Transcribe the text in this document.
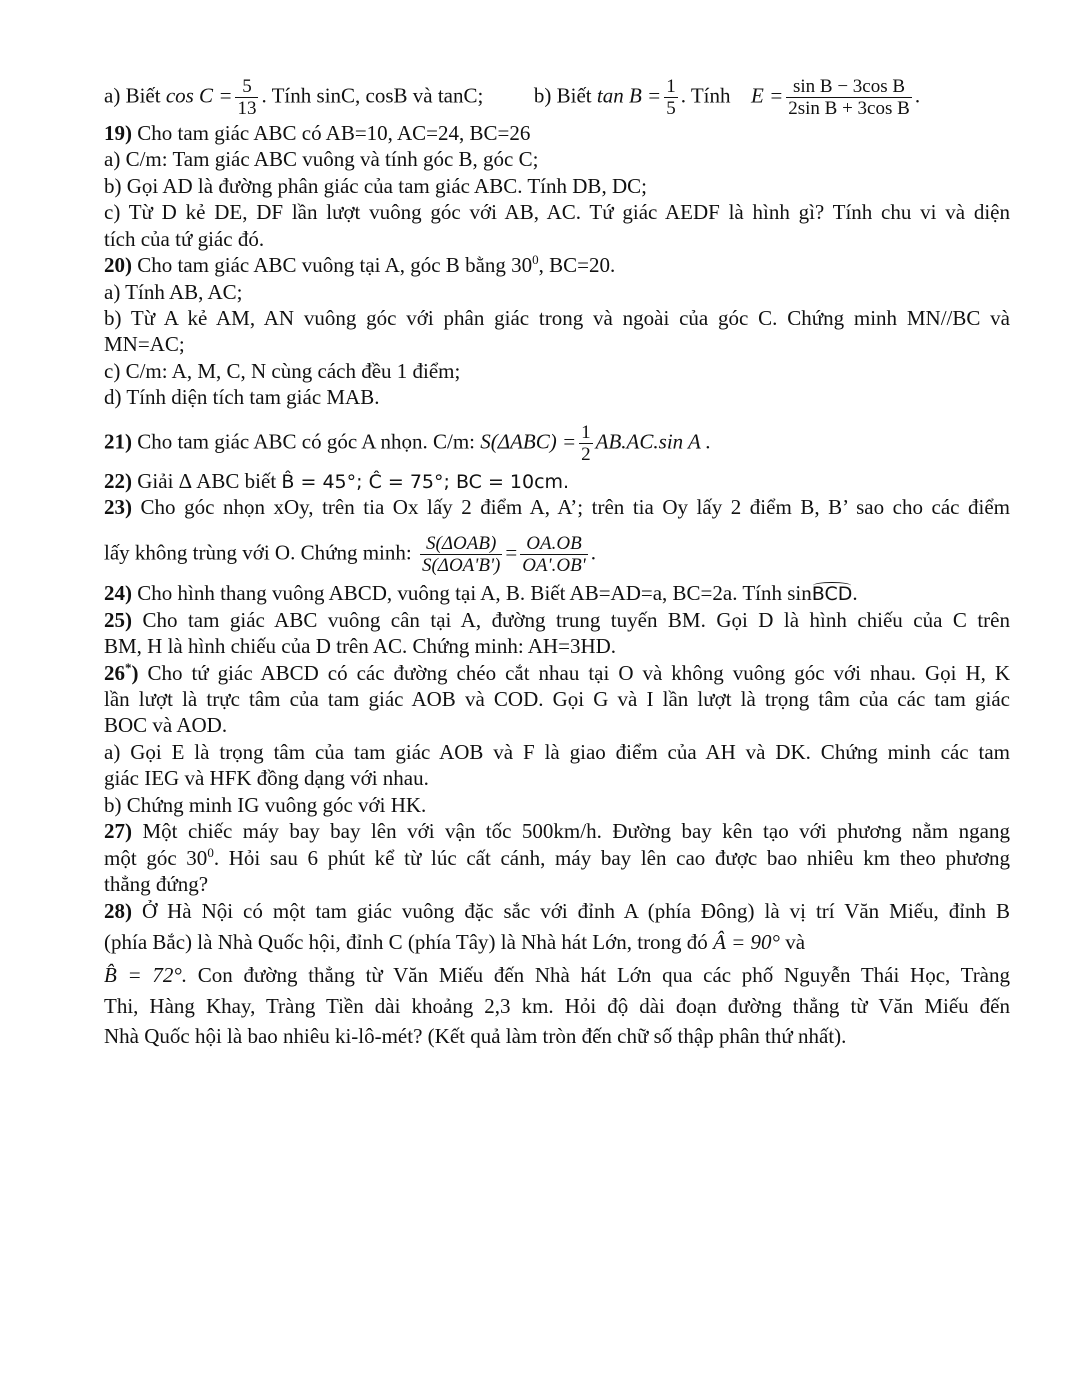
a) Biết $\cos C = \frac{5}{13}$ . Tính sinC, cosB và tanC; b) Biết $\tan B = \frac{1}{5}$ . Tính $E = \frac{\text{sin B − 3cos B}}{\text{2sin B + 3cos B}}$ .
19) Cho tam giác ABC có AB=10, AC=24, BC=26
a) C/m: Tam giác ABC vuông và tính góc B, góc C;
b) Gọi AD là đường phân giác của tam giác ABC. Tính DB, DC;
c) Từ D kẻ DE, DF lần lượt vuông góc với AB, AC. Tứ giác AEDF là hình gì? Tính chu vi và diện
tích của tứ giác đó.
20) Cho tam giác ABC vuông tại A, góc B bằng $30^0$, BC=20.
a) Tính AB, AC;
b) Từ A kẻ AM, AN vuông góc với phân giác trong và ngoài của góc C. Chứng minh MN//BC và
MN=AC;
c) C/m: A, M, C, N cùng cách đều 1 điểm;
d) Tính diện tích tam giác MAB.
21) Cho tam giác ABC có góc A nhọn. C/m: $S(\Delta ABC) = \frac{1}{2} AB.AC.\sin$ A .
22) Giải Δ ABC biết B̂ = 45°; Ĉ = 75°; BC = 10cm.
23) Cho góc nhọn xOy, trên tia Ox lấy 2 điểm A, A’; trên tia Oy lấy 2 điểm B, B’ sao cho các điểm
lấy không trùng với O. Chứng minh: $\frac{\text{S(ΔOAB)}}{\text{S(ΔOA'B')}} = \frac{OA.OB}{OA'.OB'}$ .
24) Cho hình thang vuông ABCD, vuông tại A, B. Biết AB=AD=a, BC=2a. Tính sinBCD.
25) Cho tam giác ABC vuông cân tại A, đường trung tuyến BM. Gọi D là hình chiếu của C trên
BM, H là hình chiếu của D trên AC. Chứng minh: AH=3HD.
26*) Cho tứ giác ABCD có các đường chéo cắt nhau tại O và không vuông góc với nhau. Gọi H, K
lần lượt là trực tâm của tam giác AOB và COD. Gọi G và I lần lượt là trọng tâm của các tam giác
BOC và AOD.
a) Gọi E là trọng tâm của tam giác AOB và F là giao điểm của AH và DK. Chứng minh các tam
giác IEG và HFK đồng dạng với nhau.
b) Chứng minh IG vuông góc với HK.
27) Một chiếc máy bay bay lên với vận tốc 500km/h. Đường bay kên tạo với phương nằm ngang
một góc $30^0$. Hỏi sau 6 phút kể từ lúc cất cánh, máy bay lên cao được bao nhiêu km theo phương
thẳng đứng?
28) Ở Hà Nội có một tam giác vuông đặc sắc với đỉnh A (phía Đông) là vị trí Văn Miếu, đỉnh B
(phía Bắc) là Nhà Quốc hội, đỉnh C (phía Tây) là Nhà hát Lớn, trong đó Â = 90° và
B̂ = 72°. Con đường thẳng từ Văn Miếu đến Nhà hát Lớn qua các phố Nguyễn Thái Học, Tràng
Thi, Hàng Khay, Tràng Tiền dài khoảng 2,3 km. Hỏi độ dài đoạn đường thẳng từ Văn Miếu đến
Nhà Quốc hội là bao nhiêu ki-lô-mét? (Kết quả làm tròn đến chữ số thập phân thứ nhất).
